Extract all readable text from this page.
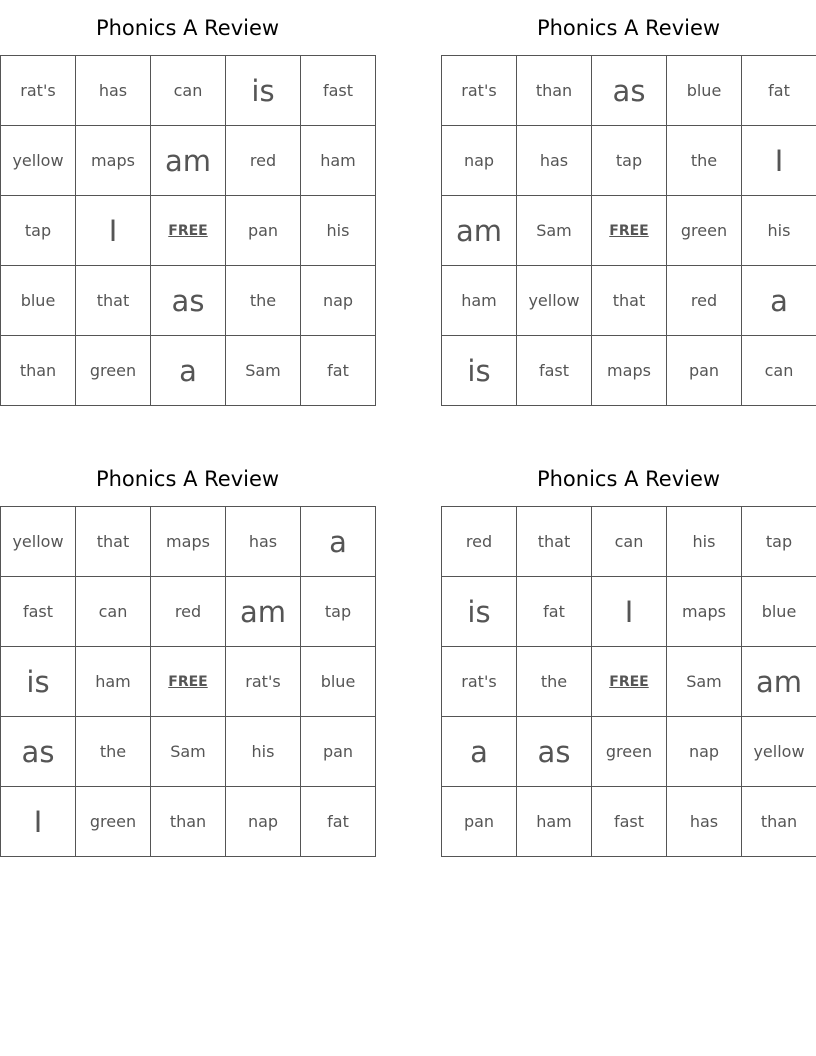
Phonics A Review
rat's	has	can	is	fast
yellow	maps	am	red	ham
tap	I	FREE	pan	his
blue	that	as	the	nap
than	green	a	Sam	fat
Phonics A Review
rat's	than	as	blue	fat
nap	has	tap	the	I
am	Sam	FREE	green	his
ham	yellow	that	red	a
is	fast	maps	pan	can
Phonics A Review
yellow	that	maps	has	a
fast	can	red	am	tap
is	ham	FREE	rat's	blue
as	the	Sam	his	pan
I	green	than	nap	fat
Phonics A Review
red	that	can	his	tap
is	fat	I	maps	blue
rat's	the	FREE	Sam	am
a	as	green	nap	yellow
pan	ham	fast	has	than
